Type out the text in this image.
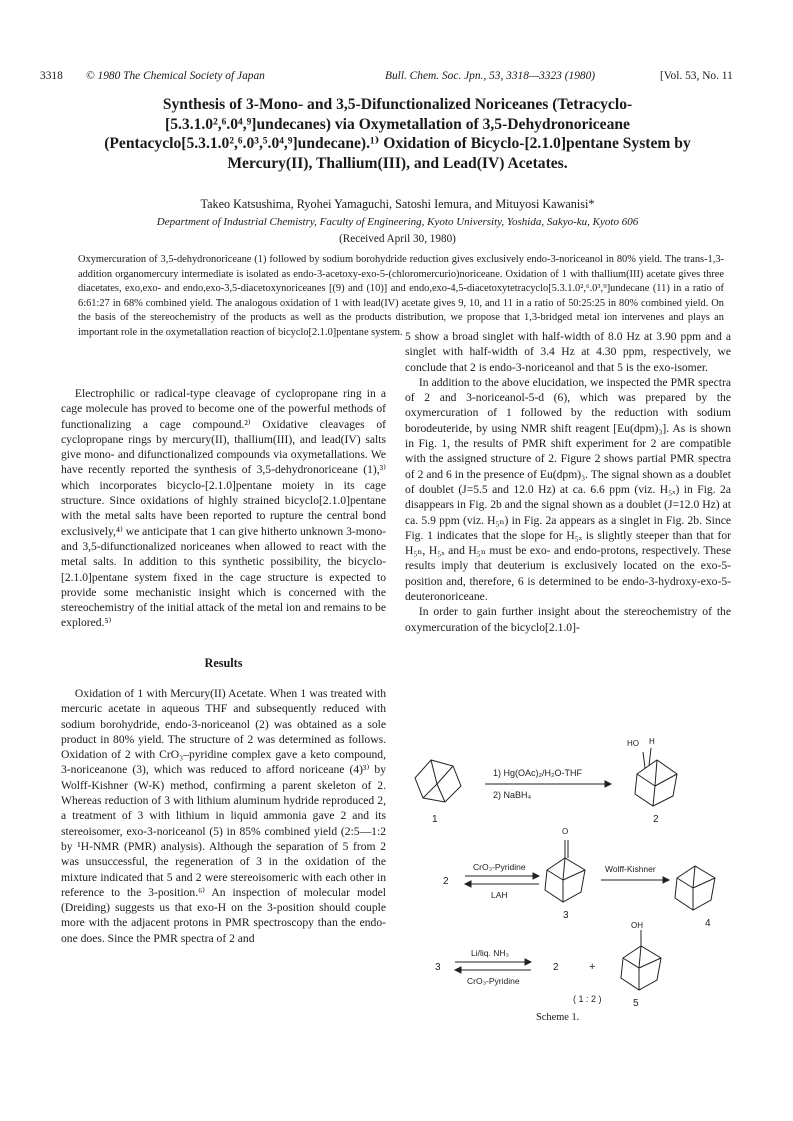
3318 © 1980 The Chemical Society of Japan	Bull. Chem. Soc. Jpn., 53, 3318—3323 (1980)	[Vol. 53, No. 11
Synthesis of 3-Mono- and 3,5-Difunctionalized Noriceanes (Tetracyclo-[5.3.1.0²,⁶.0⁴,⁹]undecanes) via Oxymetallation of 3,5-Dehydronoriceane (Pentacyclo[5.3.1.0²,⁶.0³,⁵.0⁴,⁹]undecane).¹⁾ Oxidation of Bicyclo-[2.1.0]pentane System by Mercury(II), Thallium(III), and Lead(IV) Acetates.
Takeo Katsushima, Ryohei Yamaguchi, Satoshi Iemura, and Mituyosi Kawanisi*
Department of Industrial Chemistry, Faculty of Engineering, Kyoto University, Yoshida, Sakyo-ku, Kyoto 606
(Received April 30, 1980)
Oxymercuration of 3,5-dehydronoriceane (1) followed by sodium borohydride reduction gives exclusively endo-3-noriceanol in 80% yield. The trans-1,3-addition organomercury intermediate is isolated as endo-3-acetoxy-exo-5-(chloromercurio)noriceane. Oxidation of 1 with thallium(III) acetate gives three diacetates, exo,exo- and endo,exo-3,5-diacetoxynoriceanes [(9) and (10)] and endo,exo-4,5-diacetoxytetracyclo[5.3.1.0²,⁶.0³,⁹]undecane (11) in a ratio of 6:61:27 in 68% combined yield. The analogous oxidation of 1 with lead(IV) acetate gives 9, 10, and 11 in a ratio of 50:25:25 in 80% combined yield. On the basis of the stereochemistry of the products as well as the products distribution, we propose that 1,3-bridged metal ion intervenes and plays an important role in the oxymetallation reaction of bicyclo[2.1.0]pentane system.

Electrophilic or radical-type cleavage of cyclopropane ring in a cage molecule has proved to become one of the powerful methods of functionalizing a cage compound.²⁾ Oxidative cleavages of cyclopropane rings by mercury(II), thallium(III), and lead(IV) salts give mono- and difunctionalized compounds via oxymetallations. We have recently reported the synthesis of 3,5-dehydronoriceane (1),³⁾ which incorporates bicyclo-[2.1.0]pentane moiety in its cage structure. Since oxidations of highly strained bicyclo[2.1.0]pentane with the metal salts have been reported to rupture the central bond exclusively,⁴⁾ we anticipate that 1 can give hitherto unknown 3-mono- and 3,5-difunctionalized noriceanes when allowed to react with the metal salts. In addition to this synthetic possibility, the bicyclo-[2.1.0]pentane system fixed in the cage structure is expected to provide some mechanistic insight which is concerned with the stereochemistry of the initial attack of the metal ion and remains to be explored.⁵⁾

Results

Oxidation of 1 with Mercury(II) Acetate. When 1 was treated with mercuric acetate in aqueous THF and subsequently reduced with sodium borohydride, endo-3-noriceanol (2) was obtained as a sole product in 80% yield. The structure of 2 was determined as follows. Oxidation of 2 with CrO₃–pyridine complex gave a keto compound, 3-noriceanone (3), which was reduced to afford noriceane (4)³⁾ by Wolff-Kishner (W-K) method, confirming a parent skeleton of 2. Whereas reduction of 3 with lithium aluminum hydride reproduced 2, a treatment of 3 with lithium in liquid ammonia gave 2 and its stereoisomer, exo-3-noriceanol (5) in 85% combined yield (2:5—1:2 by ¹H-NMR (PMR) analysis). Although the separation of 5 from 2 was unsuccessful, the regeneration of 3 in the oxidation of the mixture indicated that 5 and 2 were stereoisomeric with each other in reference to the 3-position.⁶⁾ An inspection of molecular model (Dreiding) suggests us that exo-H on the 3-position should couple more with the adjacent protons in PMR spectroscopy than the endo-one does. Since the PMR spectra of 2 and

5 show a broad singlet with half-width of 8.0 Hz at 3.90 ppm and a singlet with half-width of 3.4 Hz at 4.30 ppm, respectively, we conclude that 2 is endo-3-noriceanol and that 5 is the exo-isomer.

In addition to the above elucidation, we inspected the PMR spectra of 2 and 3-noriceanol-5-d (6), which was prepared by the oxymercuration of 1 followed by the reduction with sodium borodeuteride, by using NMR shift reagent [Eu(dpm)₃]. As is shown in Fig. 1, the results of PMR shift experiment for 2 are compatible with the assigned structure of 2. Figure 2 shows partial PMR spectra of 2 and 6 in the presence of Eu(dpm)₃. The signal shown as a doublet of doublet (J=5.5 and 12.0 Hz) at ca. 6.6 ppm (viz. H₅ₓ) in Fig. 2a disappears in Fig. 2b and the signal shown as a doublet (J=12.0 Hz) at ca. 5.9 ppm (viz. H₅ₙ) in Fig. 2a appears as a singlet in Fig. 2b. Since Fig. 1 indicates that the slope for H₅ₓ is slightly steeper than that for H₅ₙ, H₅ₓ and H₅ₙ must be exo- and endo-protons, respectively. These results imply that deuterium is exclusively located on the exo-5-position and, therefore, 6 is determined to be endo-3-hydroxy-exo-5-deuteronoriceane.

In order to gain further insight about the stereochemistry of the oxymercuration of the bicyclo[2.1.0]-

1
1) Hg(OAc)₂/H₂O-THF
2) NaBH₄
HO H
2
2
CrO₃-Pyridine
LAH
O
3
Wolff-Kishner
4
3
Li/liq. NH₃
CrO₃-Pyridine
2	+
OH
( 1 : 2 )	5
Scheme 1.
